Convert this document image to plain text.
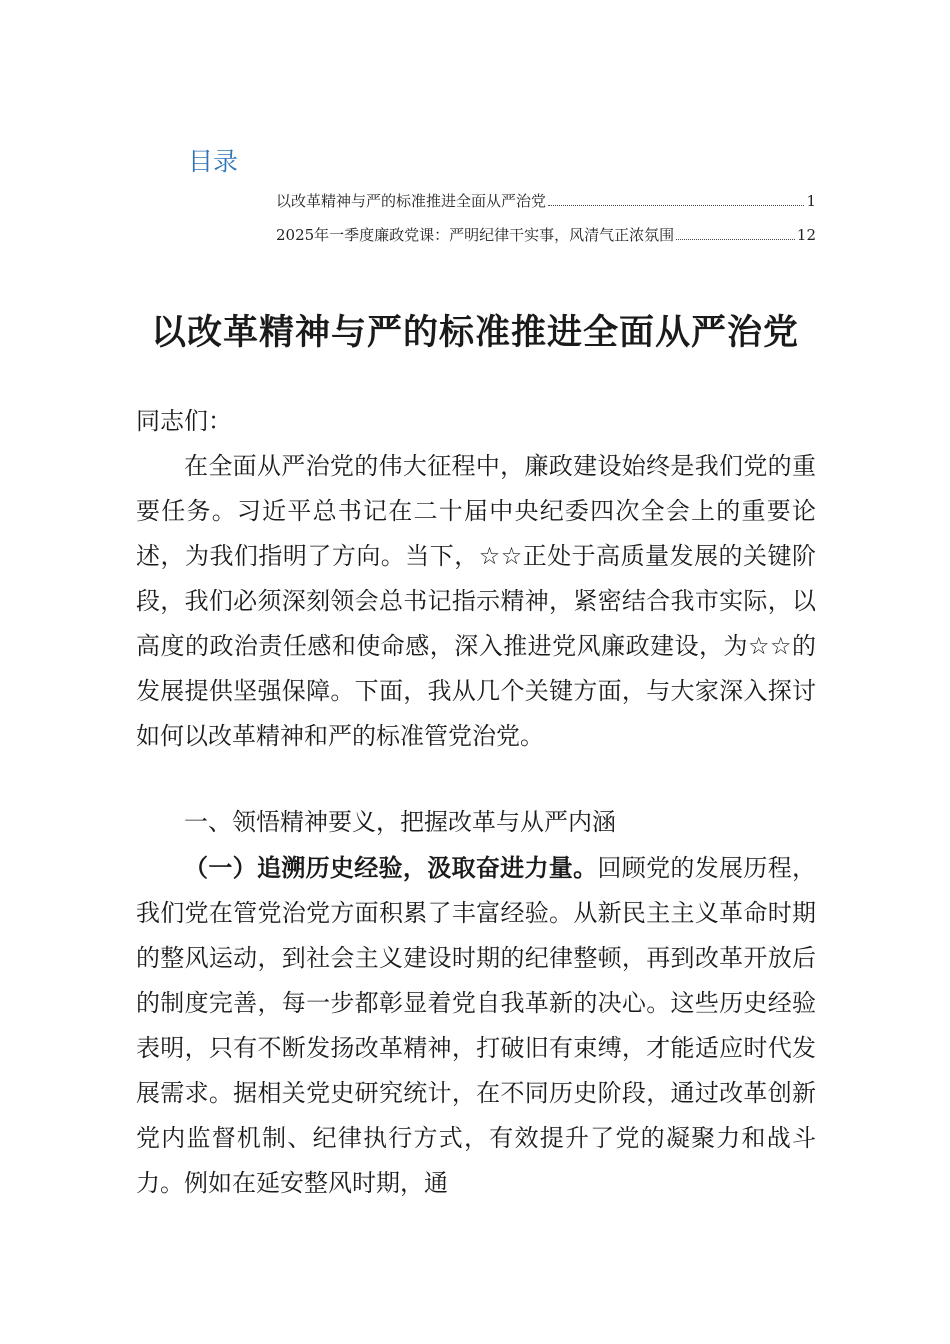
目录
以改革精神与严的标准推进全面从严治党	1
2025年一季度廉政党课：严明纪律干实事，风清气正浓氛围	12
以改革精神与严的标准推进全面从严治党
同志们：
在全面从严治党的伟大征程中，廉政建设始终是我们党的重要任务。习近平总书记在二十届中央纪委四次全会上的重要论述，为我们指明了方向。当下，☆☆正处于高质量发展的关键阶段，我们必须深刻领会总书记指示精神，紧密结合我市实际，以高度的政治责任感和使命感，深入推进党风廉政建设，为☆☆的发展提供坚强保障。下面，我从几个关键方面，与大家深入探讨如何以改革精神和严的标准管党治党。
一、领悟精神要义，把握改革与从严内涵
（一）追溯历史经验，汲取奋进力量。回顾党的发展历程，我们党在管党治党方面积累了丰富经验。从新民主主义革命时期的整风运动，到社会主义建设时期的纪律整顿，再到改革开放后的制度完善，每一步都彰显着党自我革新的决心。这些历史经验表明，只有不断发扬改革精神，打破旧有束缚，才能适应时代发展需求。据相关党史研究统计，在不同历史阶段，通过改革创新党内监督机制、纪律执行方式，有效提升了党的凝聚力和战斗力。例如在延安整风时期，通
